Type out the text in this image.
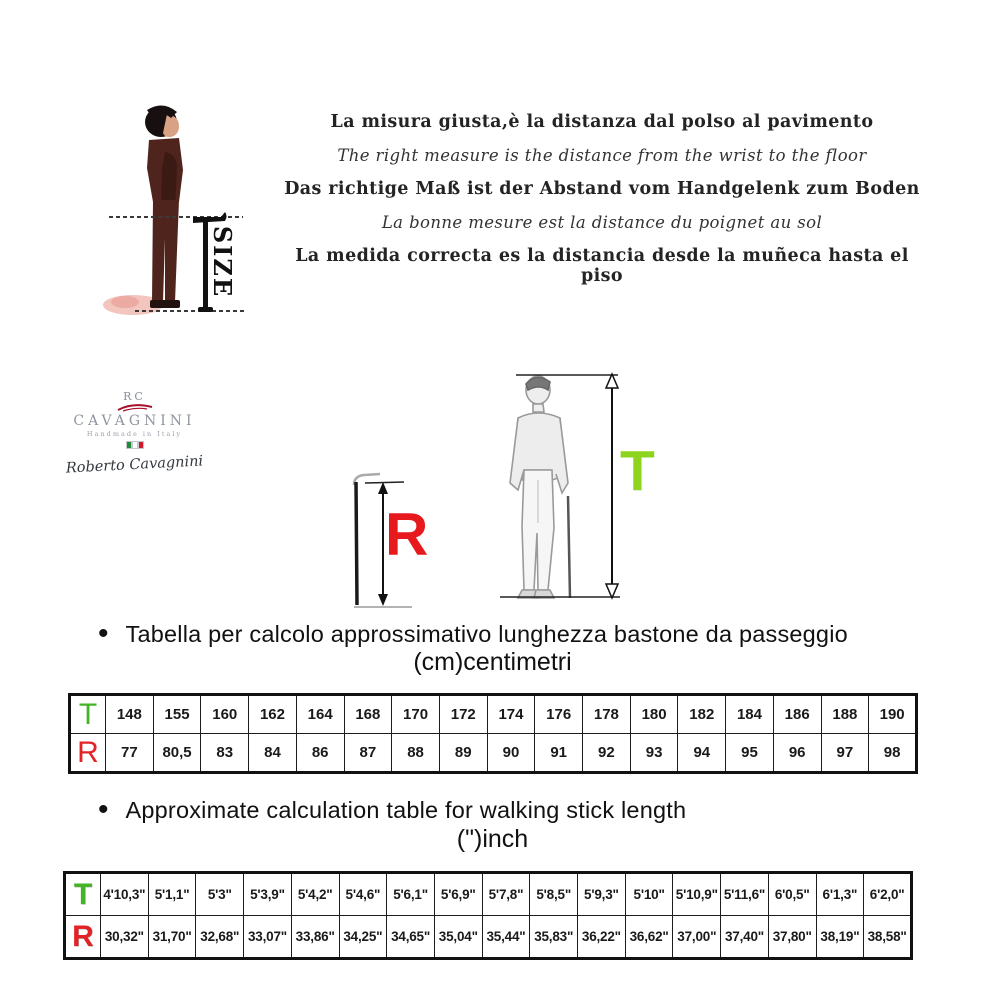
SIZE
La misura giusta,è la distanza dal polso al pavimento
The right measure is the distance from the wrist to the floor
Das richtige Maß ist der Abstand vom Handgelenk zum Boden
La bonne mesure est la distance du poignet au sol
La medida correcta es la distancia desde la muñeca hasta el piso
RC
CAVAGNINI
Handmade in Italy
Roberto Cavagnini
R
T
• Tabella per calcolo approssimativo lunghezza bastone da passeggio
(cm)centimetri
T	148	155	160	162	164	168	170	172	174	176	178	180	182	184	186	188	190
R	77	80,5	83	84	86	87	88	89	90	91	92	93	94	95	96	97	98
• Approximate calculation table for walking stick length
(")inch
T	4'10,3"	5'1,1"	5'3"	5'3,9"	5'4,2"	5'4,6"	5'6,1"	5'6,9"	5'7,8"	5'8,5"	5'9,3"	5'10"	5'10,9"	5'11,6"	6'0,5"	6'1,3"	6'2,0"
R	30,32"	31,70"	32,68"	33,07"	33,86"	34,25"	34,65"	35,04"	35,44"	35,83"	36,22"	36,62"	37,00"	37,40"	37,80"	38,19"	38,58"
